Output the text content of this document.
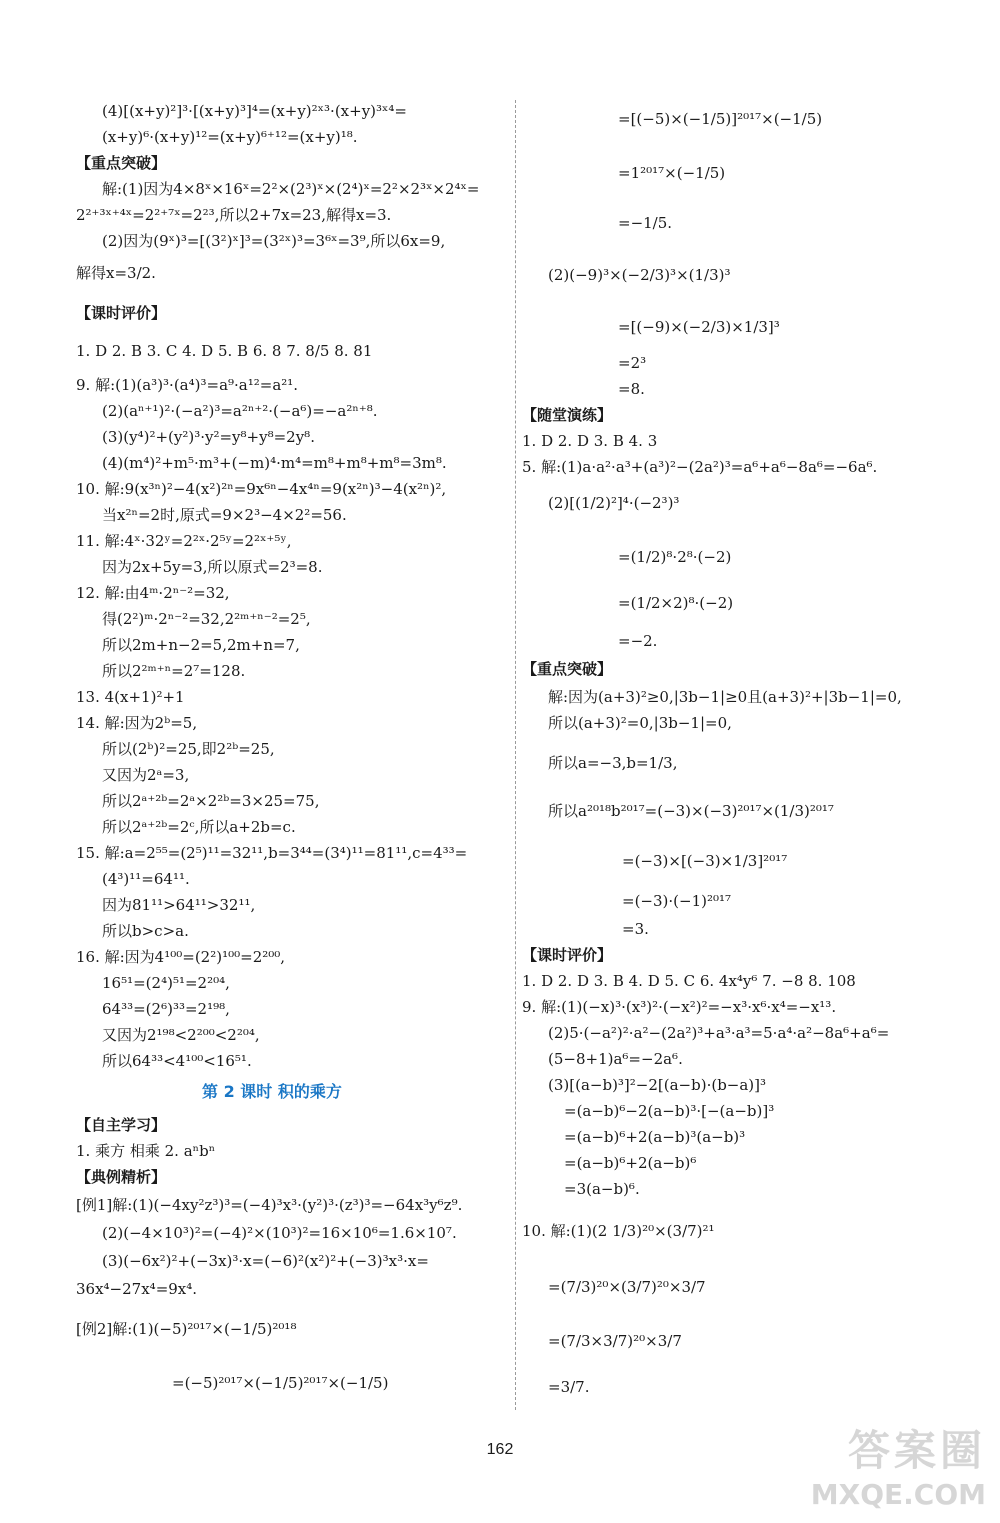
(4)[(x+y)²]³·[(x+y)³]⁴=(x+y)²ˣ³·(x+y)³ˣ⁴=
(x+y)⁶·(x+y)¹²=(x+y)⁶⁺¹²=(x+y)¹⁸.
【重点突破】
解:(1)因为4×8ˣ×16ˣ=2²×(2³)ˣ×(2⁴)ˣ=2²×2³ˣ×2⁴ˣ=
2²⁺³ˣ⁺⁴ˣ=2²⁺⁷ˣ=2²³,所以2+7x=23,解得x=3.
(2)因为(9ˣ)³=[(3²)ˣ]³=(3²ˣ)³=3⁶ˣ=3⁹,所以6x=9,
解得x=3/2.
【课时评价】
1. D 2. B 3. C 4. D 5. B 6. 8 7. 8/5 8. 81
9. 解:(1)(a³)³·(a⁴)³=a⁹·a¹²=a²¹.
(2)(aⁿ⁺¹)²·(−a²)³=a²ⁿ⁺²·(−a⁶)=−a²ⁿ⁺⁸.
(3)(y⁴)²+(y²)³·y²=y⁸+y⁸=2y⁸.
(4)(m⁴)²+m⁵·m³+(−m)⁴·m⁴=m⁸+m⁸+m⁸=3m⁸.
10. 解:9(x³ⁿ)²−4(x²)²ⁿ=9x⁶ⁿ−4x⁴ⁿ=9(x²ⁿ)³−4(x²ⁿ)²,
当x²ⁿ=2时,原式=9×2³−4×2²=56.
11. 解:4ˣ·32ʸ=2²ˣ·2⁵ʸ=2²ˣ⁺⁵ʸ,
因为2x+5y=3,所以原式=2³=8.
12. 解:由4ᵐ·2ⁿ⁻²=32,
得(2²)ᵐ·2ⁿ⁻²=32,2²ᵐ⁺ⁿ⁻²=2⁵,
所以2m+n−2=5,2m+n=7,
所以2²ᵐ⁺ⁿ=2⁷=128.
13. 4(x+1)²+1
14. 解:因为2ᵇ=5,
所以(2ᵇ)²=25,即2²ᵇ=25,
又因为2ᵃ=3,
所以2ᵃ⁺²ᵇ=2ᵃ×2²ᵇ=3×25=75,
所以2ᵃ⁺²ᵇ=2ᶜ,所以a+2b=c.
15. 解:a=2⁵⁵=(2⁵)¹¹=32¹¹,b=3⁴⁴=(3⁴)¹¹=81¹¹,c=4³³=
(4³)¹¹=64¹¹.
因为81¹¹>64¹¹>32¹¹,
所以b>c>a.
16. 解:因为4¹⁰⁰=(2²)¹⁰⁰=2²⁰⁰,
16⁵¹=(2⁴)⁵¹=2²⁰⁴,
64³³=(2⁶)³³=2¹⁹⁸,
又因为2¹⁹⁸<2²⁰⁰<2²⁰⁴,
所以64³³<4¹⁰⁰<16⁵¹.
第 2 课时 积的乘方
【自主学习】
1. 乘方 相乘 2. aⁿbⁿ
【典例精析】
[例1]解:(1)(−4xy²z³)³=(−4)³x³·(y²)³·(z³)³=−64x³y⁶z⁹.
(2)(−4×10³)²=(−4)²×(10³)²=16×10⁶=1.6×10⁷.
(3)(−6x²)²+(−3x)³·x=(−6)²(x²)²+(−3)³x³·x=
36x⁴−27x⁴=9x⁴.
[例2]解:(1)(−5)²⁰¹⁷×(−1/5)²⁰¹⁸
=(−5)²⁰¹⁷×(−1/5)²⁰¹⁷×(−1/5)
=[(−5)×(−1/5)]²⁰¹⁷×(−1/5)
=1²⁰¹⁷×(−1/5)
=−1/5.
(2)(−9)³×(−2/3)³×(1/3)³
=[(−9)×(−2/3)×1/3]³
=2³
=8.
【随堂演练】
1. D 2. D 3. B 4. 3
5. 解:(1)a·a²·a³+(a³)²−(2a²)³=a⁶+a⁶−8a⁶=−6a⁶.
(2)[(1/2)²]⁴·(−2³)³
=(1/2)⁸·2⁸·(−2)
=(1/2×2)⁸·(−2)
=−2.
【重点突破】
解:因为(a+3)²≥0,|3b−1|≥0且(a+3)²+|3b−1|=0,
所以(a+3)²=0,|3b−1|=0,
所以a=−3,b=1/3,
所以a²⁰¹⁸b²⁰¹⁷=(−3)×(−3)²⁰¹⁷×(1/3)²⁰¹⁷
=(−3)×[(−3)×1/3]²⁰¹⁷
=(−3)·(−1)²⁰¹⁷
=3.
【课时评价】
1. D 2. D 3. B 4. D 5. C 6. 4x⁴y⁶ 7. −8 8. 108
9. 解:(1)(−x)³·(x³)²·(−x²)²=−x³·x⁶·x⁴=−x¹³.
(2)5·(−a²)²·a²−(2a²)³+a³·a³=5·a⁴·a²−8a⁶+a⁶=
(5−8+1)a⁶=−2a⁶.
(3)[(a−b)³]²−2[(a−b)·(b−a)]³
=(a−b)⁶−2(a−b)³·[−(a−b)]³
=(a−b)⁶+2(a−b)³(a−b)³
=(a−b)⁶+2(a−b)⁶
=3(a−b)⁶.
10. 解:(1)(2 1/3)²⁰×(3/7)²¹
=(7/3)²⁰×(3/7)²⁰×3/7
=(7/3×3/7)²⁰×3/7
=3/7.
162	答案圈
MXQE.COM
